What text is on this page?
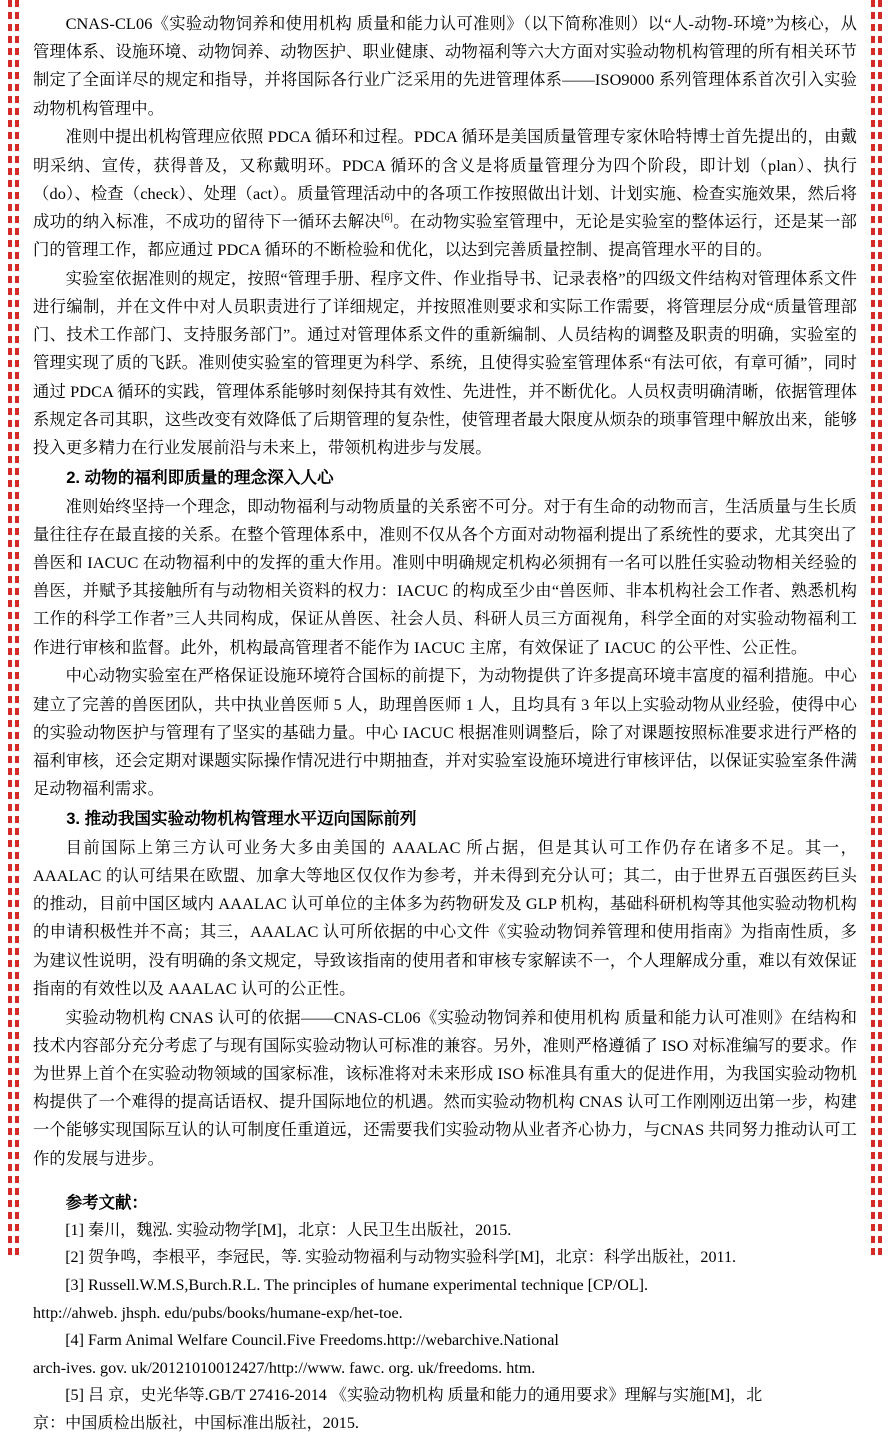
CNAS-CL06《实验动物饲养和使用机构 质量和能力认可准则》（以下简称准则）以“人-动物-环境”为核心，从管理体系、设施环境、动物饲养、动物医护、职业健康、动物福利等六大方面对实验动物机构管理的所有相关环节制定了全面详尽的规定和指导，并将国际各行业广泛采用的先进管理体系——ISO9000 系列管理体系首次引入实验动物机构管理中。

准则中提出机构管理应依照 PDCA 循环和过程。PDCA 循环是美国质量管理专家休哈特博士首先提出的，由戴明采纳、宣传，获得普及，又称戴明环。PDCA 循环的含义是将质量管理分为四个阶段，即计划（plan）、执行（do）、检查（check）、处理（act）。质量管理活动中的各项工作按照做出计划、计划实施、检查实施效果，然后将成功的纳入标准，不成功的留待下一循环去解决[6]。在动物实验室管理中，无论是实验室的整体运行，还是某一部门的管理工作，都应通过 PDCA 循环的不断检验和优化，以达到完善质量控制、提高管理水平的目的。

实验室依据准则的规定，按照“管理手册、程序文件、作业指导书、记录表格”的四级文件结构对管理体系文件进行编制，并在文件中对人员职责进行了详细规定，并按照准则要求和实际工作需要，将管理层分成“质量管理部门、技术工作部门、支持服务部门”。通过对管理体系文件的重新编制、人员结构的调整及职责的明确，实验室的管理实现了质的飞跃。准则使实验室的管理更为科学、系统，且使得实验室管理体系“有法可依，有章可循”，同时通过 PDCA 循环的实践，管理体系能够时刻保持其有效性、先进性，并不断优化。人员权责明确清晰，依据管理体系规定各司其职，这些改变有效降低了后期管理的复杂性，使管理者最大限度从烦杂的琐事管理中解放出来，能够投入更多精力在行业发展前沿与未来上，带领机构进步与发展。

2. 动物的福利即质量的理念深入人心

准则始终坚持一个理念，即动物福利与动物质量的关系密不可分。对于有生命的动物而言，生活质量与生长质量往往存在最直接的关系。在整个管理体系中，准则不仅从各个方面对动物福利提出了系统性的要求，尤其突出了兽医和 IACUC 在动物福利中的发挥的重大作用。准则中明确规定机构必须拥有一名可以胜任实验动物相关经验的兽医，并赋予其接触所有与动物相关资料的权力：IACUC 的构成至少由“兽医师、非本机构社会工作者、熟悉机构工作的科学工作者”三人共同构成，保证从兽医、社会人员、科研人员三方面视角，科学全面的对实验动物福利工作进行审核和监督。此外，机构最高管理者不能作为 IACUC 主席，有效保证了 IACUC 的公平性、公正性。

中心动物实验室在严格保证设施环境符合国标的前提下，为动物提供了许多提高环境丰富度的福利措施。中心建立了完善的兽医团队，共中执业兽医师 5 人，助理兽医师 1 人，且均具有 3 年以上实验动物从业经验，使得中心的实验动物医护与管理有了坚实的基础力量。中心 IACUC 根据准则调整后，除了对课题按照标准要求进行严格的福利审核，还会定期对课题实际操作情况进行中期抽查，并对实验室设施环境进行审核评估，以保证实验室条件满足动物福利需求。

3. 推动我国实验动物机构管理水平迈向国际前列

目前国际上第三方认可业务大多由美国的 AAALAC 所占据，但是其认可工作仍存在诸多不足。其一，AAALAC 的认可结果在欧盟、加拿大等地区仅仅作为参考，并未得到充分认可；其二，由于世界五百强医药巨头的推动，目前中国区域内 AAALAC 认可单位的主体多为药物研发及 GLP 机构，基础科研机构等其他实验动物机构的申请积极性并不高；其三，AAALAC 认可所依据的中心文件《实验动物饲养管理和使用指南》为指南性质，多为建议性说明，没有明确的条文规定，导致该指南的使用者和审核专家解读不一，个人理解成分重，难以有效保证指南的有效性以及 AAALAC 认可的公正性。

实验动物机构 CNAS 认可的依据——CNAS-CL06《实验动物饲养和使用机构 质量和能力认可准则》在结构和技术内容部分充分考虑了与现有国际实验动物认可标准的兼容。另外，准则严格遵循了 ISO 对标准编写的要求。作为世界上首个在实验动物领域的国家标准，该标准将对未来形成 ISO 标准具有重大的促进作用，为我国实验动物机构提供了一个难得的提高话语权、提升国际地位的机遇。然而实验动物机构 CNAS 认可工作刚刚迈出第一步，构建一个能够实现国际互认的认可制度任重道远，还需要我们实验动物从业者齐心协力，与CNAS 共同努力推动认可工作的发展与进步。

参考文献：

[1] 秦川，魏泓. 实验动物学[M]，北京：人民卫生出版社，2015.

[2] 贺争鸣，李根平，李冠民，等. 实验动物福利与动物实验科学[M]，北京：科学出版社，2011.

[3] Russell.W.M.S,Burch.R.L. The principles of humane experimental technique [CP/OL].

http://ahweb. jhsph. edu/pubs/books/humane-exp/het-toe.

[4] Farm Animal Welfare Council.Five Freedoms.http://webarchive.National

arch-ives. gov. uk/20121010012427/http://www. fawc. org. uk/freedoms. htm.

[5] 吕 京，史光华等.GB/T 27416-2014 《实验动物机构 质量和能力的通用要求》理解与实施[M]，北

京：中国质检出版社，中国标准出版社，2015.
